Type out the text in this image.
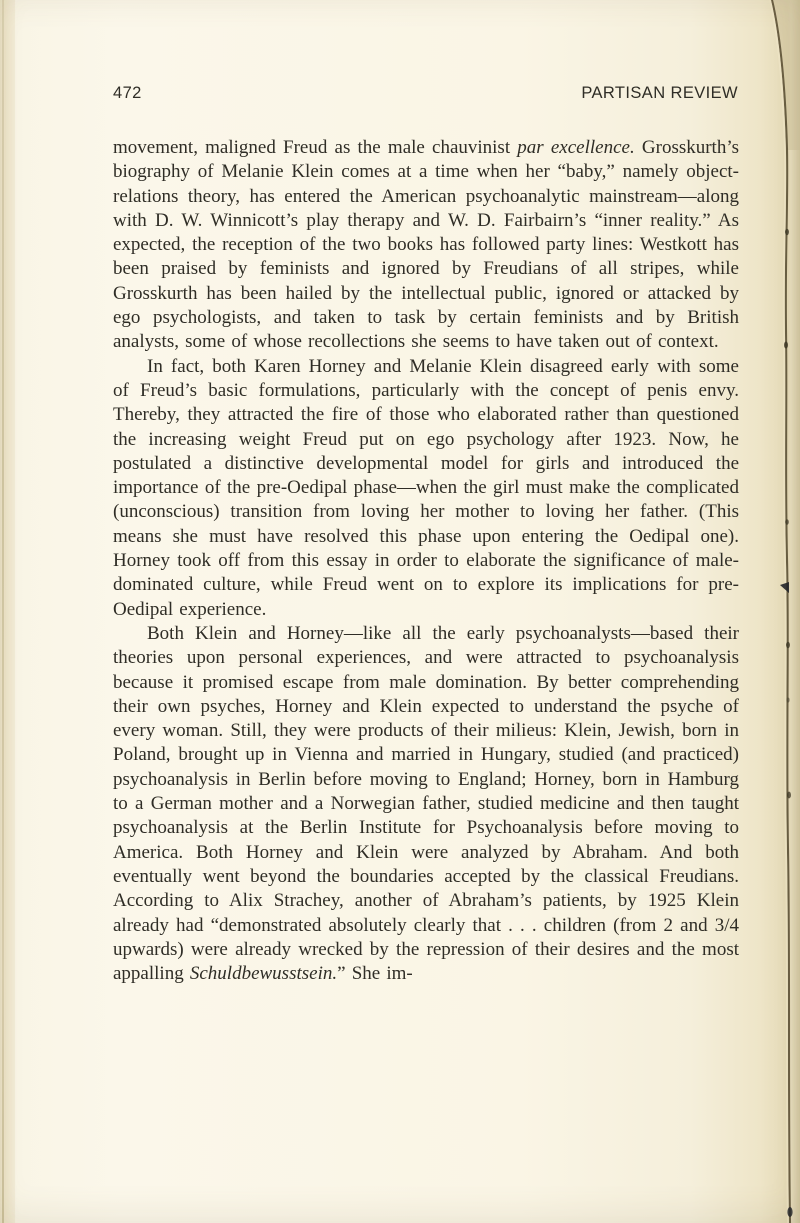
472	PARTISAN REVIEW

movement, maligned Freud as the male chauvinist par excellence. Grosskurth’s biography of Melanie Klein comes at a time when her “baby,” namely object-relations theory, has entered the American psychoanalytic mainstream—along with D. W. Winnicott’s play therapy and W. D. Fairbairn’s “inner reality.” As expected, the reception of the two books has followed party lines: Westkott has been praised by feminists and ignored by Freudians of all stripes, while Grosskurth has been hailed by the intellectual public, ignored or attacked by ego psychologists, and taken to task by certain feminists and by British analysts, some of whose recollections she seems to have taken out of context.

In fact, both Karen Horney and Melanie Klein disagreed early with some of Freud’s basic formulations, particularly with the concept of penis envy. Thereby, they attracted the fire of those who elaborated rather than questioned the increasing weight Freud put on ego psychology after 1923. Now, he postulated a distinctive developmental model for girls and introduced the importance of the pre-Oedipal phase—when the girl must make the complicated (unconscious) transition from loving her mother to loving her father. (This means she must have resolved this phase upon entering the Oedipal one). Horney took off from this essay in order to elaborate the significance of male-dominated culture, while Freud went on to explore its implications for pre-Oedipal experience.

Both Klein and Horney—like all the early psychoanalysts—based their theories upon personal experiences, and were attracted to psychoanalysis because it promised escape from male domination. By better comprehending their own psyches, Horney and Klein expected to understand the psyche of every woman. Still, they were products of their milieus: Klein, Jewish, born in Poland, brought up in Vienna and married in Hungary, studied (and practiced) psychoanalysis in Berlin before moving to England; Horney, born in Hamburg to a German mother and a Norwegian father, studied medicine and then taught psychoanalysis at the Berlin Institute for Psychoanalysis before moving to America. Both Horney and Klein were analyzed by Abraham. And both eventually went beyond the boundaries accepted by the classical Freudians. According to Alix Strachey, another of Abraham’s patients, by 1925 Klein already had “demonstrated absolutely clearly that . . . children (from 2 and 3/4 upwards) were already wrecked by the repression of their desires and the most appalling Schuldbewusstsein.” She im-
